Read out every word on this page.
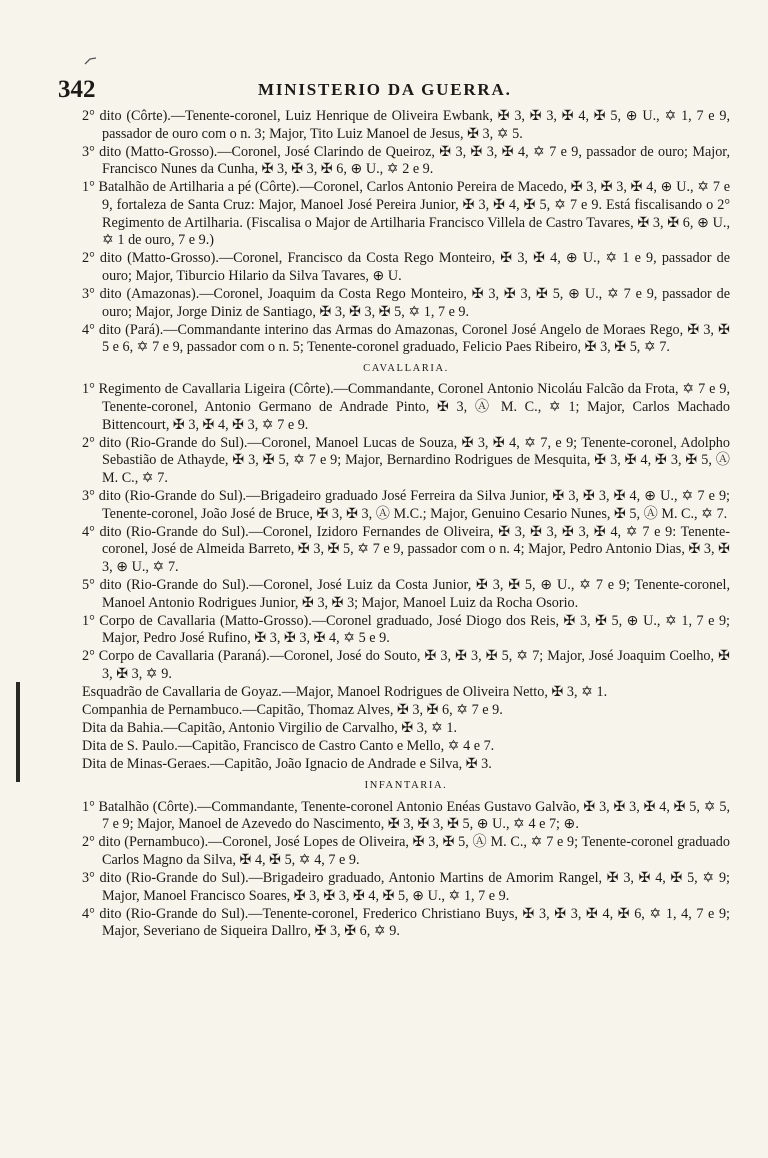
342	MINISTERIO DA GUERRA.

2° dito (Côrte).—Tenente-coronel, Luiz Henrique de Oliveira Ewbank, ✠ 3, ✠ 3, ✠ 4, ✠ 5, ⊕ U., ✡ 1, 7 e 9, passador de ouro com o n. 3; Major, Tito Luiz Manoel de Jesus, ✠ 3, ✡ 5.

3° dito (Matto-Grosso).—Coronel, José Clarindo de Queiroz, ✠ 3, ✠ 3, ✠ 4, ✡ 7 e 9, passador de ouro; Major, Francisco Nunes da Cunha, ✠ 3, ✠ 3, ✠ 6, ⊕ U., ✡ 2 e 9.

1° Batalhão de Artilharia a pé (Côrte).—Coronel, Carlos Antonio Pereira de Macedo, ✠ 3, ✠ 3, ✠ 4, ⊕ U., ✡ 7 e 9, fortaleza de Santa Cruz: Major, Manoel José Pereira Junior, ✠ 3, ✠ 4, ✠ 5, ✡ 7 e 9. Está fiscalisando o 2° Regimento de Artilharia. (Fiscalisa o Major de Artilharia Francisco Villela de Castro Tavares, ✠ 3, ✠ 6, ⊕ U., ✡ 1 de ouro, 7 e 9.)

2° dito (Matto-Grosso).—Coronel, Francisco da Costa Rego Monteiro, ✠ 3, ✠ 4, ⊕ U., ✡ 1 e 9, passador de ouro; Major, Tiburcio Hilario da Silva Tavares, ⊕ U.

3° dito (Amazonas).—Coronel, Joaquim da Costa Rego Monteiro, ✠ 3, ✠ 3, ✠ 5, ⊕ U., ✡ 7 e 9, passador de ouro; Major, Jorge Diniz de Santiago, ✠ 3, ✠ 3, ✠ 5, ✡ 1, 7 e 9.

4° dito (Pará).—Commandante interino das Armas do Amazonas, Coronel José Angelo de Moraes Rego, ✠ 3, ✠ 5 e 6, ✡ 7 e 9, passador com o n. 5; Tenente-coronel graduado, Felicio Paes Ribeiro, ✠ 3, ✠ 5, ✡ 7.

CAVALLARIA.

1° Regimento de Cavallaria Ligeira (Côrte).—Commandante, Coronel Antonio Nicoláu Falcão da Frota, ✡ 7 e 9, Tenente-coronel, Antonio Germano de Andrade Pinto, ✠ 3, Ⓐ M. C., ✡ 1; Major, Carlos Machado Bittencourt, ✠ 3, ✠ 4, ✠ 3, ✡ 7 e 9.

2° dito (Rio-Grande do Sul).—Coronel, Manoel Lucas de Souza, ✠ 3, ✠ 4, ✡ 7, e 9; Tenente-coronel, Adolpho Sebastião de Athayde, ✠ 3, ✠ 5, ✡ 7 e 9; Major, Bernardino Rodrigues de Mesquita, ✠ 3, ✠ 4, ✠ 3, ✠ 5, Ⓐ M. C., ✡ 7.

3° dito (Rio-Grande do Sul).—Brigadeiro graduado José Ferreira da Silva Junior, ✠ 3, ✠ 3, ✠ 4, ⊕ U., ✡ 7 e 9; Tenente-coronel, João José de Bruce, ✠ 3, ✠ 3, Ⓐ M.C.; Major, Genuino Cesario Nunes, ✠ 5, Ⓐ M. C., ✡ 7.

4° dito (Rio-Grande do Sul).—Coronel, Izidoro Fernandes de Oliveira, ✠ 3, ✠ 3, ✠ 3, ✠ 4, ✡ 7 e 9: Tenente-coronel, José de Almeida Barreto, ✠ 3, ✠ 5, ✡ 7 e 9, passador com o n. 4; Major, Pedro Antonio Dias, ✠ 3, ✠ 3, ⊕ U., ✡ 7.

5° dito (Rio-Grande do Sul).—Coronel, José Luiz da Costa Junior, ✠ 3, ✠ 5, ⊕ U., ✡ 7 e 9; Tenente-coronel, Manoel Antonio Rodrigues Junior, ✠ 3, ✠ 3; Major, Manoel Luiz da Rocha Osorio.

1° Corpo de Cavallaria (Matto-Grosso).—Coronel graduado, José Diogo dos Reis, ✠ 3, ✠ 5, ⊕ U., ✡ 1, 7 e 9; Major, Pedro José Rufino, ✠ 3, ✠ 3, ✠ 4, ✡ 5 e 9.

2° Corpo de Cavallaria (Paraná).—Coronel, José do Souto, ✠ 3, ✠ 3, ✠ 5, ✡ 7; Major, José Joaquim Coelho, ✠ 3, ✠ 3, ✡ 9.

Esquadrão de Cavallaria de Goyaz.—Major, Manoel Rodrigues de Oliveira Netto, ✠ 3, ✡ 1.

Companhia de Pernambuco.—Capitão, Thomaz Alves, ✠ 3, ✠ 6, ✡ 7 e 9.

Dita da Bahia.—Capitão, Antonio Virgilio de Carvalho, ✠ 3, ✡ 1.

Dita de S. Paulo.—Capitão, Francisco de Castro Canto e Mello, ✡ 4 e 7.

Dita de Minas-Geraes.—Capitão, João Ignacio de Andrade e Silva, ✠ 3.

INFANTARIA.

1° Batalhão (Côrte).—Commandante, Tenente-coronel Antonio Enéas Gustavo Galvão, ✠ 3, ✠ 3, ✠ 4, ✠ 5, ✡ 5, 7 e 9; Major, Manoel de Azevedo do Nascimento, ✠ 3, ✠ 3, ✠ 5, ⊕ U., ✡ 4 e 7; ⊕.

2° dito (Pernambuco).—Coronel, José Lopes de Oliveira, ✠ 3, ✠ 5, Ⓐ M. C., ✡ 7 e 9; Tenente-coronel graduado Carlos Magno da Silva, ✠ 4, ✠ 5, ✡ 4, 7 e 9.

3° dito (Rio-Grande do Sul).—Brigadeiro graduado, Antonio Martins de Amorim Rangel, ✠ 3, ✠ 4, ✠ 5, ✡ 9; Major, Manoel Francisco Soares, ✠ 3, ✠ 3, ✠ 4, ✠ 5, ⊕ U., ✡ 1, 7 e 9.

4° dito (Rio-Grande do Sul).—Tenente-coronel, Frederico Christiano Buys, ✠ 3, ✠ 3, ✠ 4, ✠ 6, ✡ 1, 4, 7 e 9; Major, Severiano de Siqueira Dallro, ✠ 3, ✠ 6, ✡ 9.
